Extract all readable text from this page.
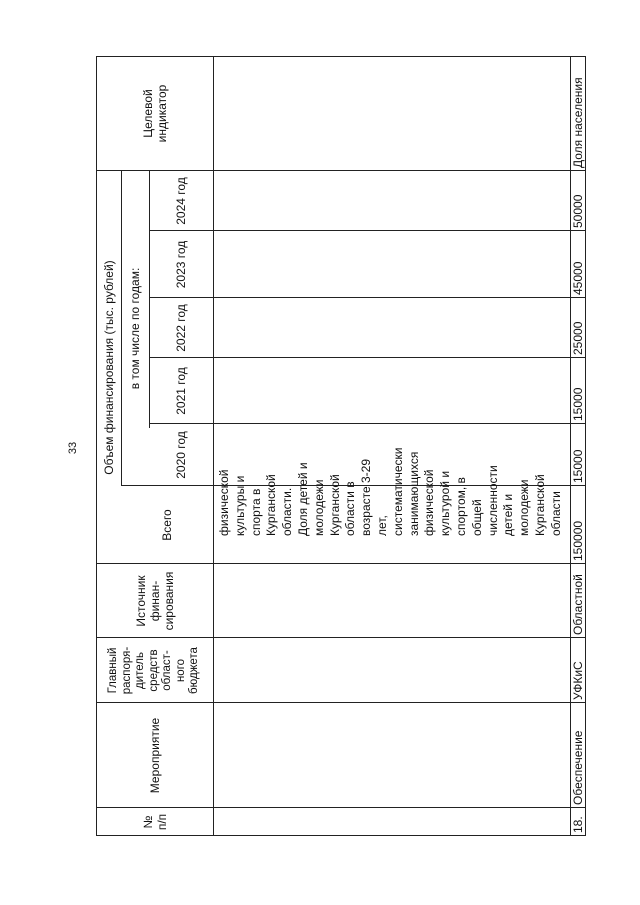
33
№
п/п
Мероприятие
Главный
распоря-
дитель
средств
област-
ного
бюджета
Источник
финан-
сирования
Объем финансирования (тыс. рублей)
Всего
в том числе по годам:
2020 год
2021 год
2022 год
2023 год
2024 год
Целевой
индикатор

18.
Обеспечение
УФКиС
Областной
150000
15000
15000
25000
45000
50000
Доля населения
физической
культуры и
спорта в
Курганской
области.
Доля детей и
молодежи
Курганской
области в
возрасте 3-29
лет,
систематически
занимающихся
физической
культурой и
спортом, в
общей
численности
детей и
молодежи
Курганской
области
